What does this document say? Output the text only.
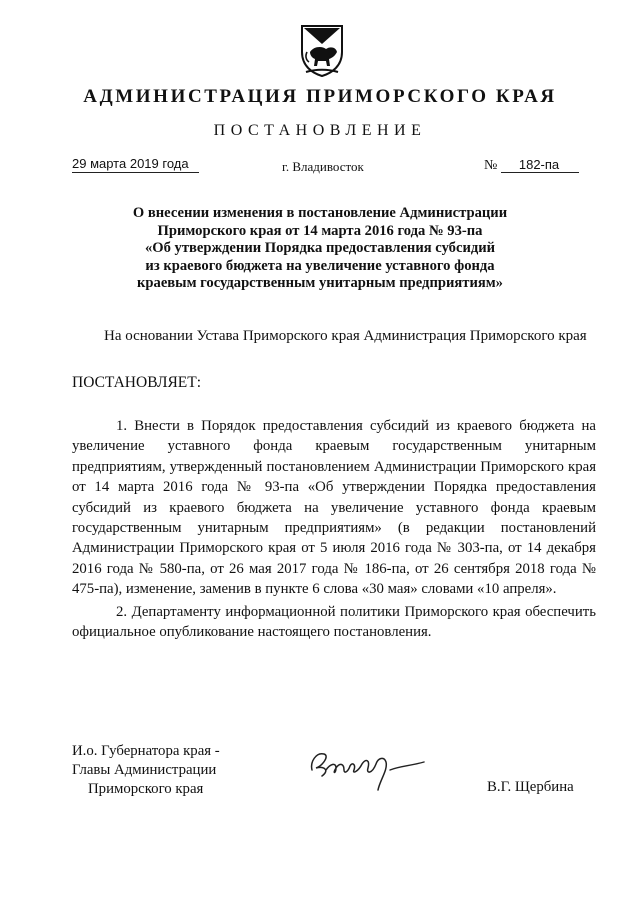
АДМИНИСТРАЦИЯ ПРИМОРСКОГО КРАЯ
ПОСТАНОВЛЕНИЕ
29 марта 2019 года	г. Владивосток	№ 182-па
О внесении изменения в постановление Администрации
Приморского края от 14 марта 2016 года № 93-па
«Об утверждении Порядка предоставления субсидий
из краевого бюджета на увеличение уставного фонда
краевым государственным унитарным предприятиям»
На основании Устава Приморского края Администрация Приморского края
ПОСТАНОВЛЯЕТ:

1. Внести в Порядок предоставления субсидий из краевого бюджета на увеличение уставного фонда краевым государственным унитарным предприятиям, утвержденный постановлением Администрации Приморского края от 14 марта 2016 года № 93-па «Об утверждении Порядка предоставления субсидий из краевого бюджета на увеличение уставного фонда краевым государственным унитарным предприятиям» (в редакции постановлений Администрации Приморского края от 5 июля 2016 года № 303-па, от 14 декабря 2016 года № 580-па, от 26 мая 2017 года № 186-па, от 26 сентября 2018 года № 475-па), изменение, заменив в пункте 6 слова «30 мая» словами «10 апреля».

2. Департаменту информационной политики Приморского края обеспечить официальное опубликование настоящего постановления.

И.о. Губернатора края -
Главы Администрации
Приморского края	В.Г. Щербина
